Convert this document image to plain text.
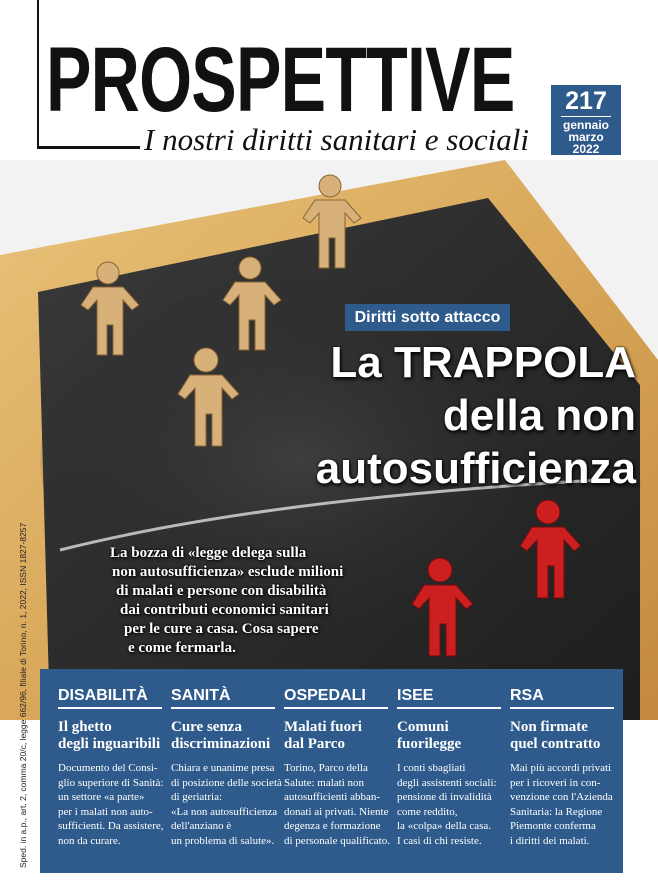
PROSPETTIVE
I nostri diritti sanitari e sociali
217
gennaio
marzo
2022
Diritti sotto attacco
La TRAPPOLA
della non
autosufficienza
La bozza di «legge delega sulla
non autosufficienza» esclude milioni
di malati e persone con disabilità
dai contributi economici sanitari
per le cure a casa. Cosa sapere
e come fermarla.
Sped. in a.p., art. 2, comma 20/c, legge 662/96, filiale di Torino, n. 1, 2022, ISSN 1827-8257 DISABILITÀ
Il ghetto
degli inguaribili
Documento del Consi-
glio superiore di Sanità:
un settore «a parte»
per i malati non auto-
sufficienti. Da assistere,
non da curare.
SANITÀ
Cure senza
discriminazioni
Chiara e unanime presa
di posizione delle società
di geriatria:
«La non autosufficienza
dell'anziano è
un problema di salute».
OSPEDALI
Malati fuori
dal Parco
Torino, Parco della
Salute: malati non
autosufficienti abban-
donati ai privati. Niente
degenza e formazione
di personale qualificato.
ISEE
Comuni
fuorilegge
I conti sbagliati
degli assistenti sociali:
pensione di invalidità
come reddito,
la «colpa» della casa.
I casi di chi resiste.
RSA
Non firmate
quel contratto
Mai più accordi privati
per i ricoveri in con-
venzione con l'Azienda
Sanitaria: la Regione
Piemonte conferma
i diritti dei malati.
